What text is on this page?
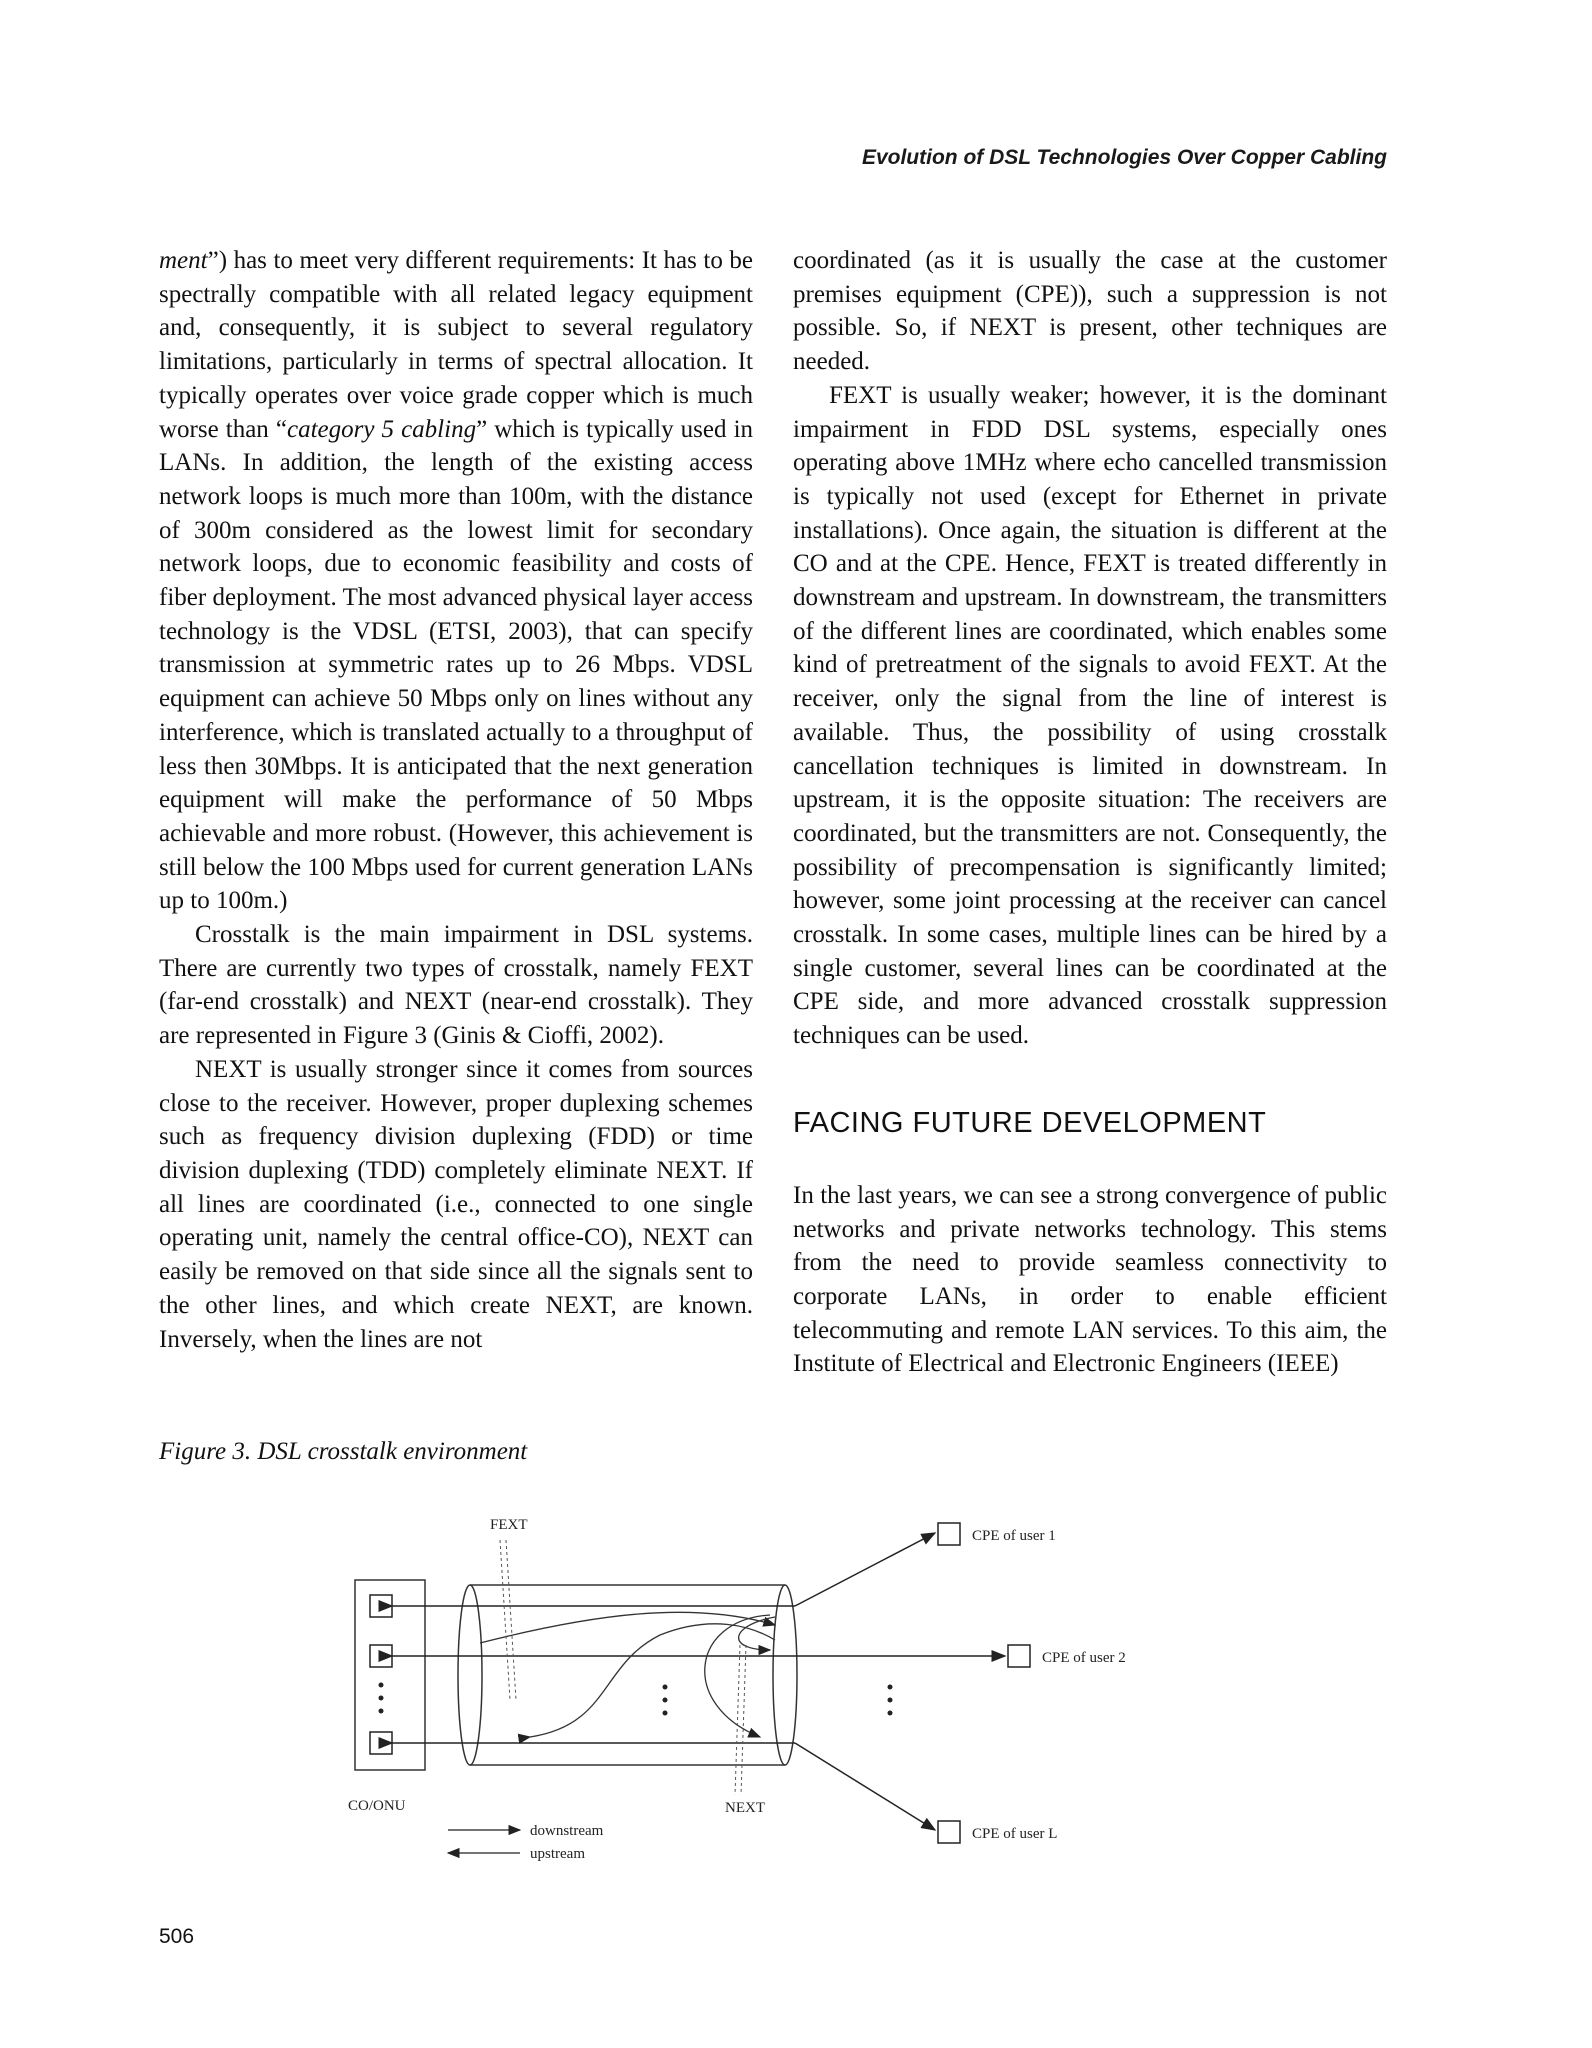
Evolution of DSL Technologies Over Copper Cabling

ment”) has to meet very different requirements: It has to be spectrally compatible with all related legacy equipment and, consequently, it is subject to several regulatory limitations, particularly in terms of spectral allocation. It typically operates over voice grade copper which is much worse than “category 5 cabling” which is typically used in LANs. In addition, the length of the existing access network loops is much more than 100m, with the distance of 300m considered as the lowest limit for secondary network loops, due to economic feasibility and costs of fiber deployment. The most advanced physical layer access technology is the VDSL (ETSI, 2003), that can specify transmission at symmetric rates up to 26 Mbps. VDSL equipment can achieve 50 Mbps only on lines without any interference, which is translated actually to a throughput of less then 30Mbps. It is anticipated that the next generation equipment will make the performance of 50 Mbps achievable and more robust. (However, this achievement is still below the 100 Mbps used for current generation LANs up to 100m.)

Crosstalk is the main impairment in DSL systems. There are currently two types of crosstalk, namely FEXT (far-end crosstalk) and NEXT (near-end crosstalk). They are represented in Figure 3 (Ginis & Cioffi, 2002).

NEXT is usually stronger since it comes from sources close to the receiver. However, proper duplexing schemes such as frequency division duplexing (FDD) or time division duplexing (TDD) completely eliminate NEXT. If all lines are coordinated (i.e., connected to one single operating unit, namely the central office-CO), NEXT can easily be removed on that side since all the signals sent to the other lines, and which create NEXT, are known. Inversely, when the lines are not

coordinated (as it is usually the case at the customer premises equipment (CPE)), such a suppression is not possible. So, if NEXT is present, other techniques are needed.

FEXT is usually weaker; however, it is the dominant impairment in FDD DSL systems, especially ones operating above 1MHz where echo cancelled transmission is typically not used (except for Ethernet in private installations). Once again, the situation is different at the CO and at the CPE. Hence, FEXT is treated differently in downstream and upstream. In downstream, the transmitters of the different lines are coordinated, which enables some kind of pretreatment of the signals to avoid FEXT. At the receiver, only the signal from the line of interest is available. Thus, the possibility of using crosstalk cancellation techniques is limited in downstream. In upstream, it is the opposite situation: The receivers are coordinated, but the transmitters are not. Consequently, the possibility of precompensation is significantly limited; however, some joint processing at the receiver can cancel crosstalk. In some cases, multiple lines can be hired by a single customer, several lines can be coordinated at the CPE side, and more advanced crosstalk suppression techniques can be used.

FACING FUTURE DEVELOPMENT

In the last years, we can see a strong convergence of public networks and private networks technology. This stems from the need to provide seamless connectivity to corporate LANs, in order to enable efficient telecommuting and remote LAN services. To this aim, the Institute of Electrical and Electronic Engineers (IEEE)

Figure 3. DSL crosstalk environment
FEXT
NEXT
CO/ONU
downstream
upstream
CPE of user 1
CPE of user 2
CPE of user L
506
